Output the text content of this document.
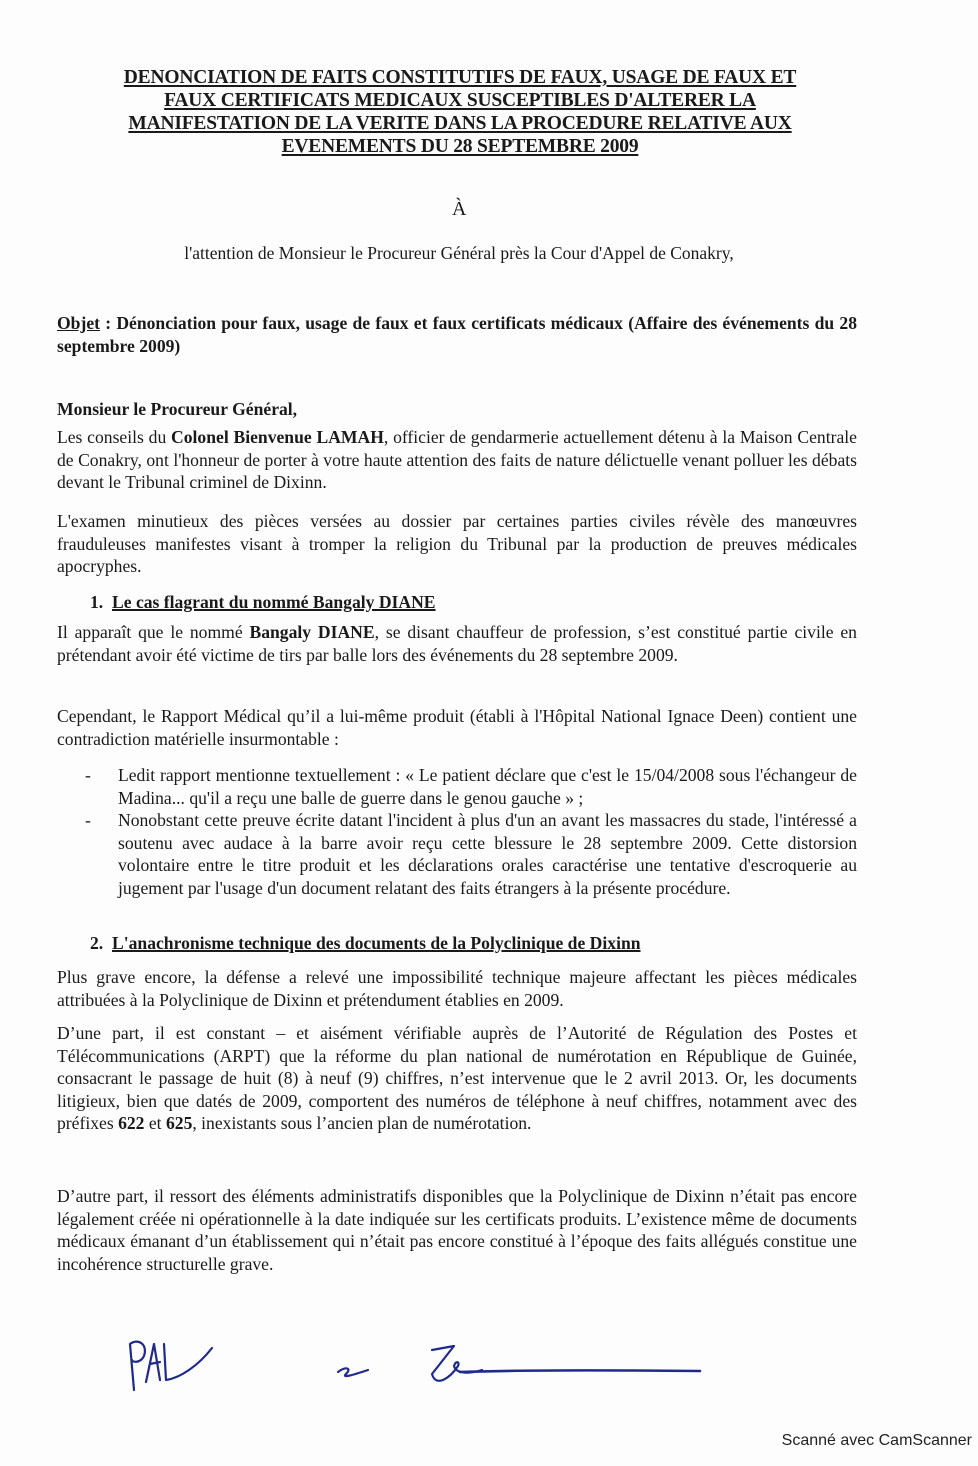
DENONCIATION DE FAITS CONSTITUTIFS DE FAUX, USAGE DE FAUX ET
FAUX CERTIFICATS MEDICAUX SUSCEPTIBLES D'ALTERER LA
MANIFESTATION DE LA VERITE DANS LA PROCEDURE RELATIVE AUX
EVENEMENTS DU 28 SEPTEMBRE 2009
À
l'attention de Monsieur le Procureur Général près la Cour d'Appel de Conakry,
Objet : Dénonciation pour faux, usage de faux et faux certificats médicaux (Affaire des événements du 28 septembre 2009)
Monsieur le Procureur Général,
Les conseils du Colonel Bienvenue LAMAH, officier de gendarmerie actuellement détenu à la Maison Centrale de Conakry, ont l'honneur de porter à votre haute attention des faits de nature délictuelle venant polluer les débats devant le Tribunal criminel de Dixinn.
L'examen minutieux des pièces versées au dossier par certaines parties civiles révèle des manœuvres frauduleuses manifestes visant à tromper la religion du Tribunal par la production de preuves médicales apocryphes.
1. Le cas flagrant du nommé Bangaly DIANE
Il apparaît que le nommé Bangaly DIANE, se disant chauffeur de profession, s’est constitué partie civile en prétendant avoir été victime de tirs par balle lors des événements du 28 septembre 2009.
Cependant, le Rapport Médical qu’il a lui-même produit (établi à l'Hôpital National Ignace Deen) contient une contradiction matérielle insurmontable :
-	Ledit rapport mentionne textuellement : « Le patient déclare que c'est le 15/04/2008 sous l'échangeur de Madina... qu'il a reçu une balle de guerre dans le genou gauche » ;
-	Nonobstant cette preuve écrite datant l'incident à plus d'un an avant les massacres du stade, l'intéressé a soutenu avec audace à la barre avoir reçu cette blessure le 28 septembre 2009. Cette distorsion volontaire entre le titre produit et les déclarations orales caractérise une tentative d'escroquerie au jugement par l'usage d'un document relatant des faits étrangers à la présente procédure.
2. L'anachronisme technique des documents de la Polyclinique de Dixinn
Plus grave encore, la défense a relevé une impossibilité technique majeure affectant les pièces médicales attribuées à la Polyclinique de Dixinn et prétendument établies en 2009.
D’une part, il est constant – et aisément vérifiable auprès de l’Autorité de Régulation des Postes et Télécommunications (ARPT) que la réforme du plan national de numérotation en République de Guinée, consacrant le passage de huit (8) à neuf (9) chiffres, n’est intervenue que le 2 avril 2013. Or, les documents litigieux, bien que datés de 2009, comportent des numéros de téléphone à neuf chiffres, notamment avec des préfixes 622 et 625, inexistants sous l’ancien plan de numérotation.
D’autre part, il ressort des éléments administratifs disponibles que la Polyclinique de Dixinn n’était pas encore légalement créée ni opérationnelle à la date indiquée sur les certificats produits. L’existence même de documents médicaux émanant d’un établissement qui n’était pas encore constitué à l’époque des faits allégués constitue une incohérence structurelle grave.
Scanné avec CamScanner
